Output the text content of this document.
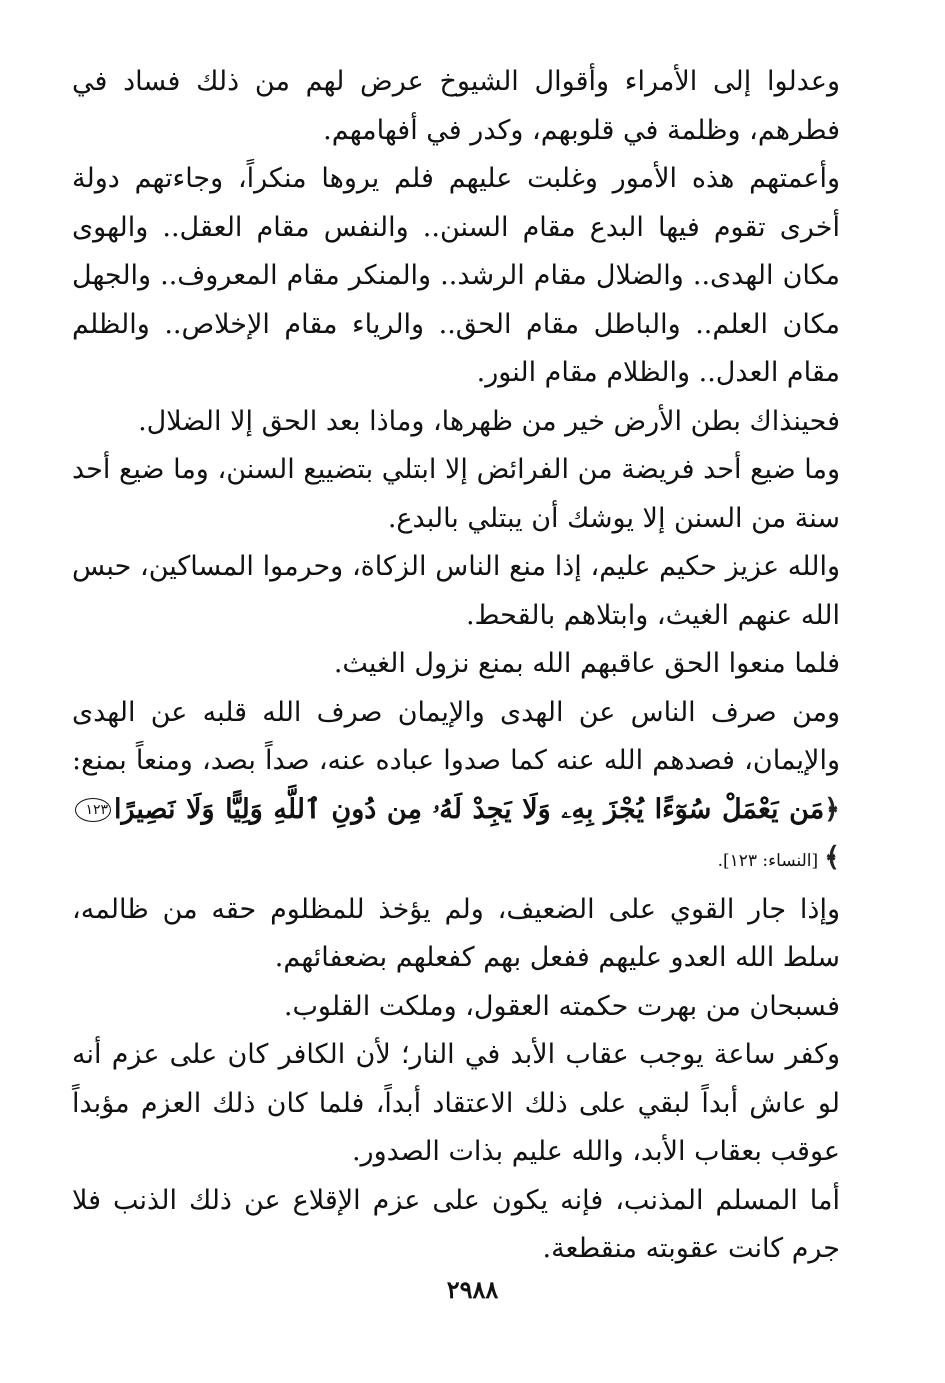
وعدلوا إلى الأمراء وأقوال الشيوخ عرض لهم من ذلك فساد في فطرهم، وظلمة في قلوبهم، وكدر في أفهامهم.

وأعمتهم هذه الأمور وغلبت عليهم فلم يروها منكراً، وجاءتهم دولة أخرى تقوم فيها البدع مقام السنن.. والنفس مقام العقل.. والهوى مكان الهدى.. والضلال مقام الرشد.. والمنكر مقام المعروف.. والجهل مكان العلم.. والباطل مقام الحق.. والرياء مقام الإخلاص.. والظلم مقام العدل.. والظلام مقام النور.

فحينذاك بطن الأرض خير من ظهرها، وماذا بعد الحق إلا الضلال.

وما ضيع أحد فريضة من الفرائض إلا ابتلي بتضييع السنن، وما ضيع أحد سنة من السنن إلا يوشك أن يبتلي بالبدع.

والله عزيز حكيم عليم، إذا منع الناس الزكاة، وحرموا المساكين، حبس الله عنهم الغيث، وابتلاهم بالقحط.

فلما منعوا الحق عاقبهم الله بمنع نزول الغيث.

ومن صرف الناس عن الهدى والإيمان صرف الله قلبه عن الهدى والإيمان، فصدهم الله عنه كما صدوا عباده عنه، صداً بصد، ومنعاً بمنع: ﴿مَن يَعْمَلْ سُوٓءًا يُجْزَ بِهِۦ وَلَا يَجِدْ لَهُۥ مِن دُونِ ٱللَّهِ وَلِيًّا وَلَا نَصِيرًا١٢٣﴾[النساء: ١٢٣].

وإذا جار القوي على الضعيف، ولم يؤخذ للمظلوم حقه من ظالمه، سلط الله العدو عليهم ففعل بهم كفعلهم بضعفائهم.

فسبحان من بهرت حكمته العقول، وملكت القلوب.

وكفر ساعة يوجب عقاب الأبد في النار؛ لأن الكافر كان على عزم أنه لو عاش أبداً لبقي على ذلك الاعتقاد أبداً، فلما كان ذلك العزم مؤبداً عوقب بعقاب الأبد، والله عليم بذات الصدور.

أما المسلم المذنب، فإنه يكون على عزم الإقلاع عن ذلك الذنب فلا جرم كانت عقوبته منقطعة.

٢٩٨٨
